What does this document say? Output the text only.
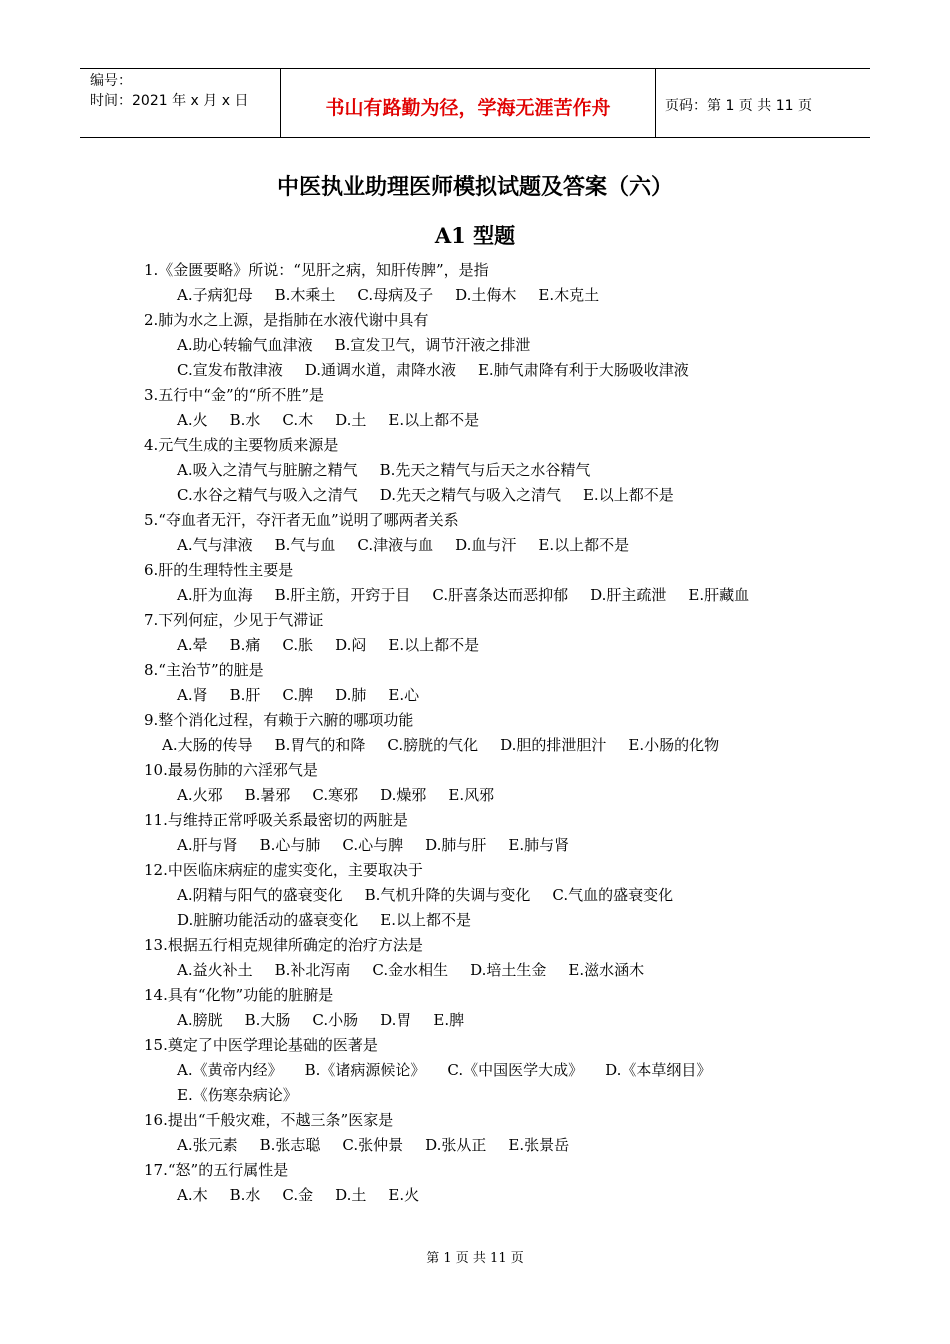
编号：
时间：2021 年 x 月 x 日	书山有路勤为径，学海无涯苦作舟	页码：第 1 页 共 11 页
中医执业助理医师模拟试题及答案（六）
A1 型题

1.《金匮要略》所说：“见肝之病，知肝传脾”，是指

A.子病犯母 B.木乘土 C.母病及子 D.土侮木 E.木克土

2.肺为水之上源，是指肺在水液代谢中具有

A.助心转输气血津液 B.宣发卫气，调节汗液之排泄

C.宣发布散津液 D.通调水道，肃降水液 E.肺气肃降有利于大肠吸收津液

3.五行中“金”的“所不胜”是

A.火 B.水 C.木 D.土 E.以上都不是

4.元气生成的主要物质来源是

A.吸入之清气与脏腑之精气 B.先天之精气与后天之水谷精气

C.水谷之精气与吸入之清气 D.先天之精气与吸入之清气 E.以上都不是

5.“夺血者无汗，夺汗者无血”说明了哪两者关系

A.气与津液 B.气与血 C.津液与血 D.血与汗 E.以上都不是

6.肝的生理特性主要是

A.肝为血海 B.肝主筋，开窍于目 C.肝喜条达而恶抑郁 D.肝主疏泄 E.肝藏血

7.下列何症，少见于气滞证

A.晕 B.痛 C.胀 D.闷 E.以上都不是

8.“主治节”的脏是

A.肾 B.肝 C.脾 D.肺 E.心

9.整个消化过程，有赖于六腑的哪项功能

A.大肠的传导 B.胃气的和降 C.膀胱的气化 D.胆的排泄胆汁 E.小肠的化物

10.最易伤肺的六淫邪气是

A.火邪 B.暑邪 C.寒邪 D.燥邪 E.风邪

11.与维持正常呼吸关系最密切的两脏是

A.肝与肾 B.心与肺 C.心与脾 D.肺与肝 E.肺与肾

12.中医临床病症的虚实变化，主要取决于

A.阴精与阳气的盛衰变化 B.气机升降的失调与变化 C.气血的盛衰变化

D.脏腑功能活动的盛衰变化 E.以上都不是

13.根据五行相克规律所确定的治疗方法是

A.益火补土 B.补北泻南 C.金水相生 D.培土生金 E.滋水涵木

14.具有“化物”功能的脏腑是

A.膀胱 B.大肠 C.小肠 D.胃 E.脾

15.奠定了中医学理论基础的医著是

A.《黄帝内经》 B.《诸病源候论》 C.《中国医学大成》 D.《本草纲目》

E.《伤寒杂病论》

16.提出“千般灾难，不越三条”医家是

A.张元素 B.张志聪 C.张仲景 D.张从正 E.张景岳

17.“怒”的五行属性是

A.木 B.水 C.金 D.土 E.火

第 1 页 共 11 页
